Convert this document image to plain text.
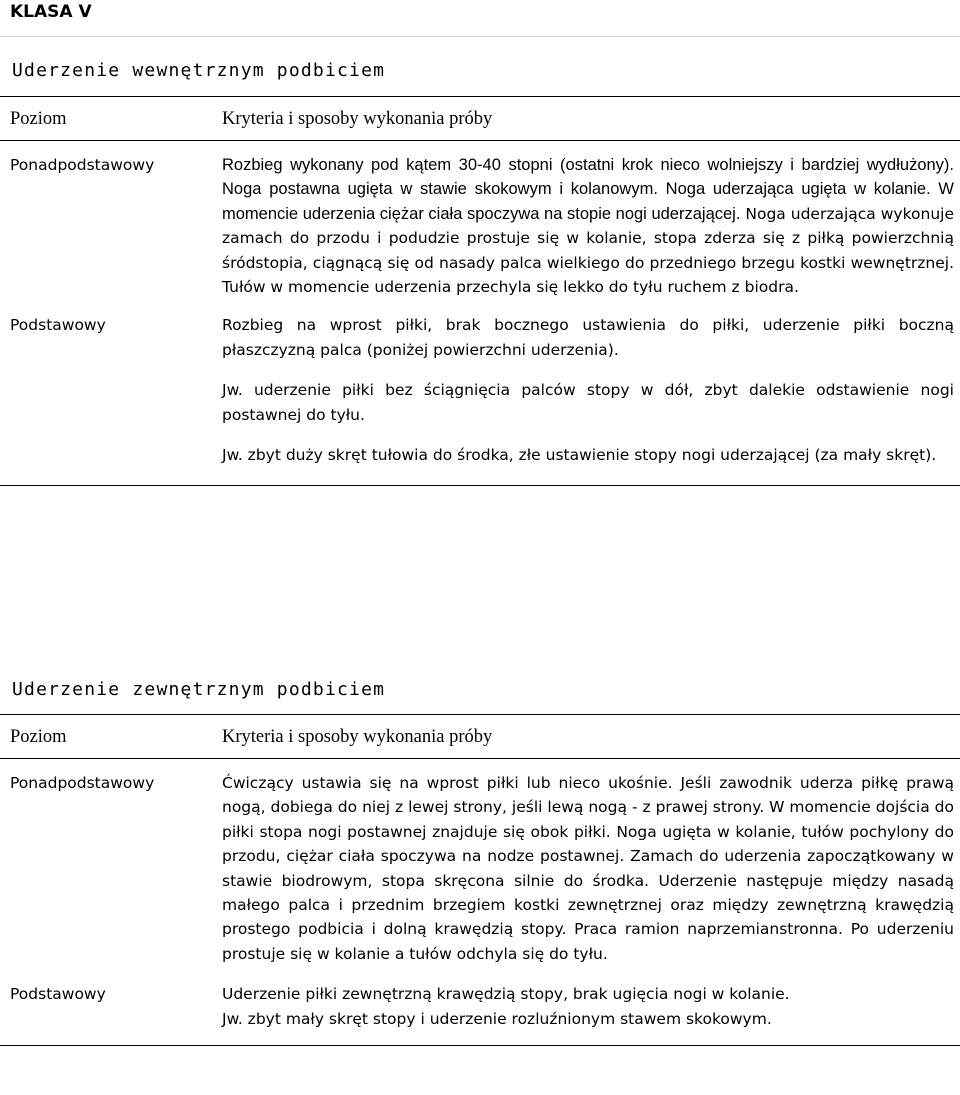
KLASA V
Uderzenie wewnętrznym podbiciem
Poziom	Kryteria i sposoby wykonania próby
Ponadpodstawowy	Rozbieg wykonany pod kątem 30-40 stopni (ostatni krok nieco wolniejszy i bardziej wydłużony). Noga postawna ugięta w stawie skokowym i kolanowym. Noga uderzająca ugięta w kolanie. W momencie uderzenia ciężar ciała spoczywa na stopie nogi uderzającej. Noga uderzająca wykonuje zamach do przodu i podudzie prostuje się w kolanie, stopa zderza się z piłką powierzchnią śródstopia, ciągnącą się od nasady palca wielkiego do przedniego brzegu kostki wewnętrznej. Tułów w momencie uderzenia przechyla się lekko do tyłu ruchem z biodra.

Podstawowy	Rozbieg na wprost piłki, brak bocznego ustawienia do piłki, uderzenie piłki boczną płaszczyzną palca (poniżej powierzchni uderzenia).

Jw. uderzenie piłki bez ściągnięcia palców stopy w dół, zbyt dalekie odstawienie nogi postawnej do tyłu.

Jw. zbyt duży skręt tułowia do środka, złe ustawienie stopy nogi uderzającej (za mały skręt).

Uderzenie zewnętrznym podbiciem
Poziom	Kryteria i sposoby wykonania próby
Ponadpodstawowy	Ćwiczący ustawia się na wprost piłki lub nieco ukośnie. Jeśli zawodnik uderza piłkę prawą nogą, dobiega do niej z lewej strony, jeśli lewą nogą - z prawej strony. W momencie dojścia do piłki stopa nogi postawnej znajduje się obok piłki. Noga ugięta w kolanie, tułów pochylony do przodu, ciężar ciała spoczywa na nodze postawnej. Zamach do uderzenia zapoczątkowany w stawie biodrowym, stopa skręcona silnie do środka. Uderzenie następuje między nasadą małego palca i przednim brzegiem kostki zewnętrznej oraz między zewnętrzną krawędzią prostego podbicia i dolną krawędzią stopy. Praca ramion naprzemianstronna. Po uderzeniu prostuje się w kolanie a tułów odchyla się do tyłu.

Podstawowy	Uderzenie piłki zewnętrzną krawędzią stopy, brak ugięcia nogi w kolanie.

Jw. zbyt mały skręt stopy i uderzenie rozluźnionym stawem skokowym.
